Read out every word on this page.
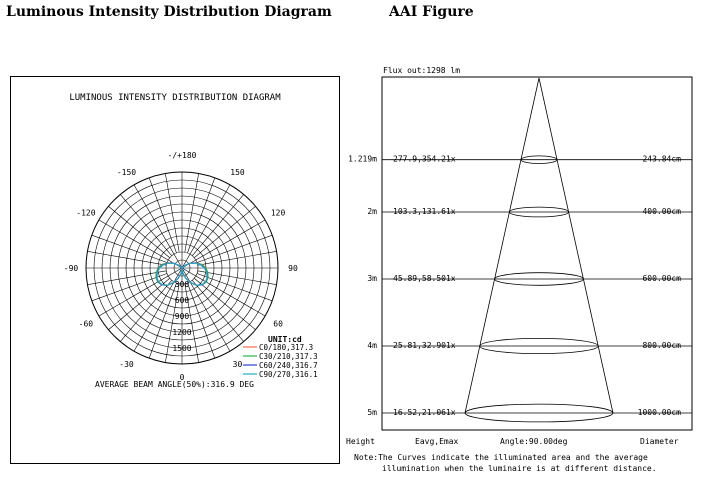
Luminous Intensity Distribution Diagram	AAI Figure
LUMINOUS INTENSITY DISTRIBUTION DIAGRAM
-/+180
150
-150
120
-120
90
-90
60
-60
30
-30
0
300
600
900
1200
1500
UNIT:cd
C0/180,317.3
C30/210,317.3
C60/240,316.7
C90/270,316.1
AVERAGE BEAM ANGLE(50%):316.9 DEG
Flux out:1298 lm
1.219m 277.9,354.21x	243.84cm
2m 103.3,131.61x	400.00cm
3m 45.89,58.501x	600.00cm
4m 25.81,32.901x	800.00cm
5m 16.52,21.061x	1000.00cm
Height	Eavg,Emax	Angle:90.00deg	Diameter
Note:The Curves indicate the illuminated area and the average
illumination when the luminaire is at different distance.
